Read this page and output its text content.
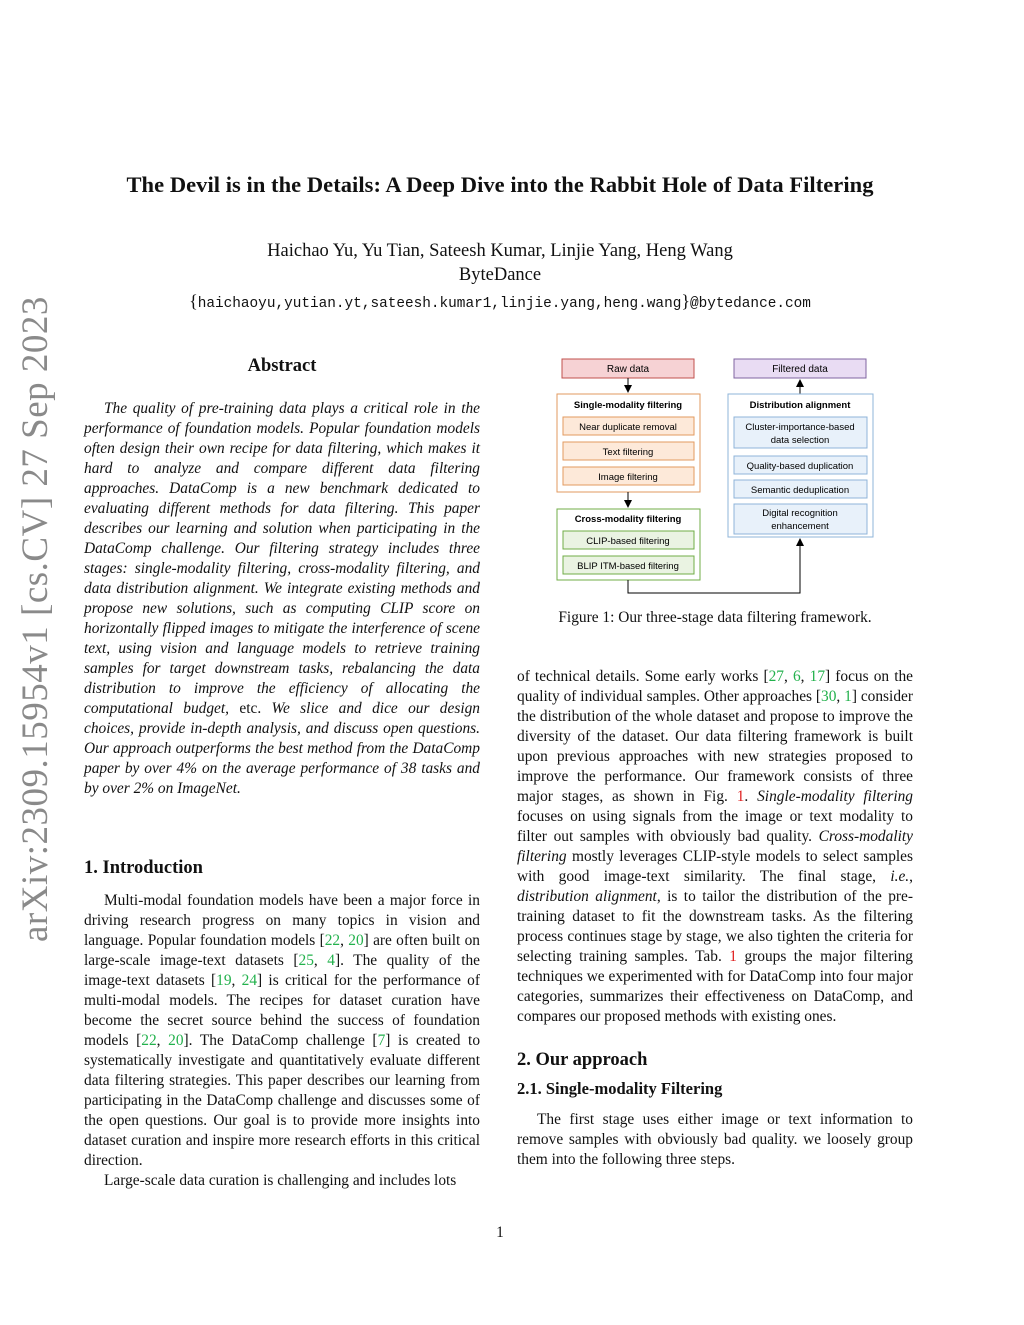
The Devil is in the Details: A Deep Dive into the Rabbit Hole of Data Filtering
Haichao Yu, Yu Tian, Sateesh Kumar, Linjie Yang, Heng Wang
ByteDance
{haichaoyu,yutian.yt,sateesh.kumar1,linjie.yang,heng.wang}@bytedance.com
arXiv:2309.15954v1 [cs.CV] 27 Sep 2023	Abstract

The quality of pre-training data plays a critical role in the performance of foundation models. Popular foundation models often design their own recipe for data filtering, which makes it hard to analyze and compare different data filtering approaches. DataComp is a new benchmark dedicated to evaluating different methods for data filtering. This paper describes our learning and solution when participating in the DataComp challenge. Our filtering strategy includes three stages: single-modality filtering, cross-modality filtering, and data distribution alignment. We integrate existing methods and propose new solutions, such as computing CLIP score on horizontally flipped images to mitigate the interference of scene text, using vision and language models to retrieve training samples for target downstream tasks, rebalancing the data distribution to improve the efficiency of allocating the computational budget, etc. We slice and dice our design choices, provide in-depth analysis, and discuss open questions. Our approach outperforms the best method from the DataComp paper by over 4% on the average performance of 38 tasks and by over 2% on ImageNet.

1. Introduction

Multi-modal foundation models have been a major force in driving research progress on many topics in vision and language. Popular foundation models [22, 20] are often built on large-scale image-text datasets [25, 4]. The quality of the image-text datasets [19, 24] is critical for the performance of multi-modal models. The recipes for dataset curation have become the secret source behind the success of foundation models [22, 20]. The DataComp challenge [7] is created to systematically investigate and quantitatively evaluate different data filtering strategies. This paper describes our learning from participating in the DataComp challenge and discusses some of the open questions. Our goal is to provide more insights into dataset curation and inspire more research efforts in this critical direction.

Large-scale data curation is challenging and includes lots

Raw data	Filtered data
Single-modality filtering
Near duplicate removal
Text filtering
Image filtering
Cross-modality filtering
CLIP-based filtering
BLIP ITM-based filtering
Distribution alignment
Cluster-importance-based
data selection
Quality-based duplication
Semantic deduplication
Digital recognition
enhancement
Figure 1: Our three-stage data filtering framework.

of technical details. Some early works [27, 6, 17] focus on the quality of individual samples. Other approaches [30, 1] consider the distribution of the whole dataset and propose to improve the diversity of the dataset. Our data filtering framework is built upon previous approaches with new strategies proposed to improve the performance. Our framework consists of three major stages, as shown in Fig. 1. Single-modality filtering focuses on using signals from the image or text modality to filter out samples with obviously bad quality. Cross-modality filtering mostly leverages CLIP-style models to select samples with good image-text similarity. The final stage, i.e., distribution alignment, is to tailor the distribution of the pre-training dataset to fit the downstream tasks. As the filtering process continues stage by stage, we also tighten the criteria for selecting training samples. Tab. 1 groups the major filtering techniques we experimented with for DataComp into four major categories, summarizes their effectiveness on DataComp, and compares our proposed methods with existing ones.

2. Our approach
2.1. Single-modality Filtering

The first stage uses either image or text information to remove samples with obviously bad quality. we loosely group them into the following three steps.

1
